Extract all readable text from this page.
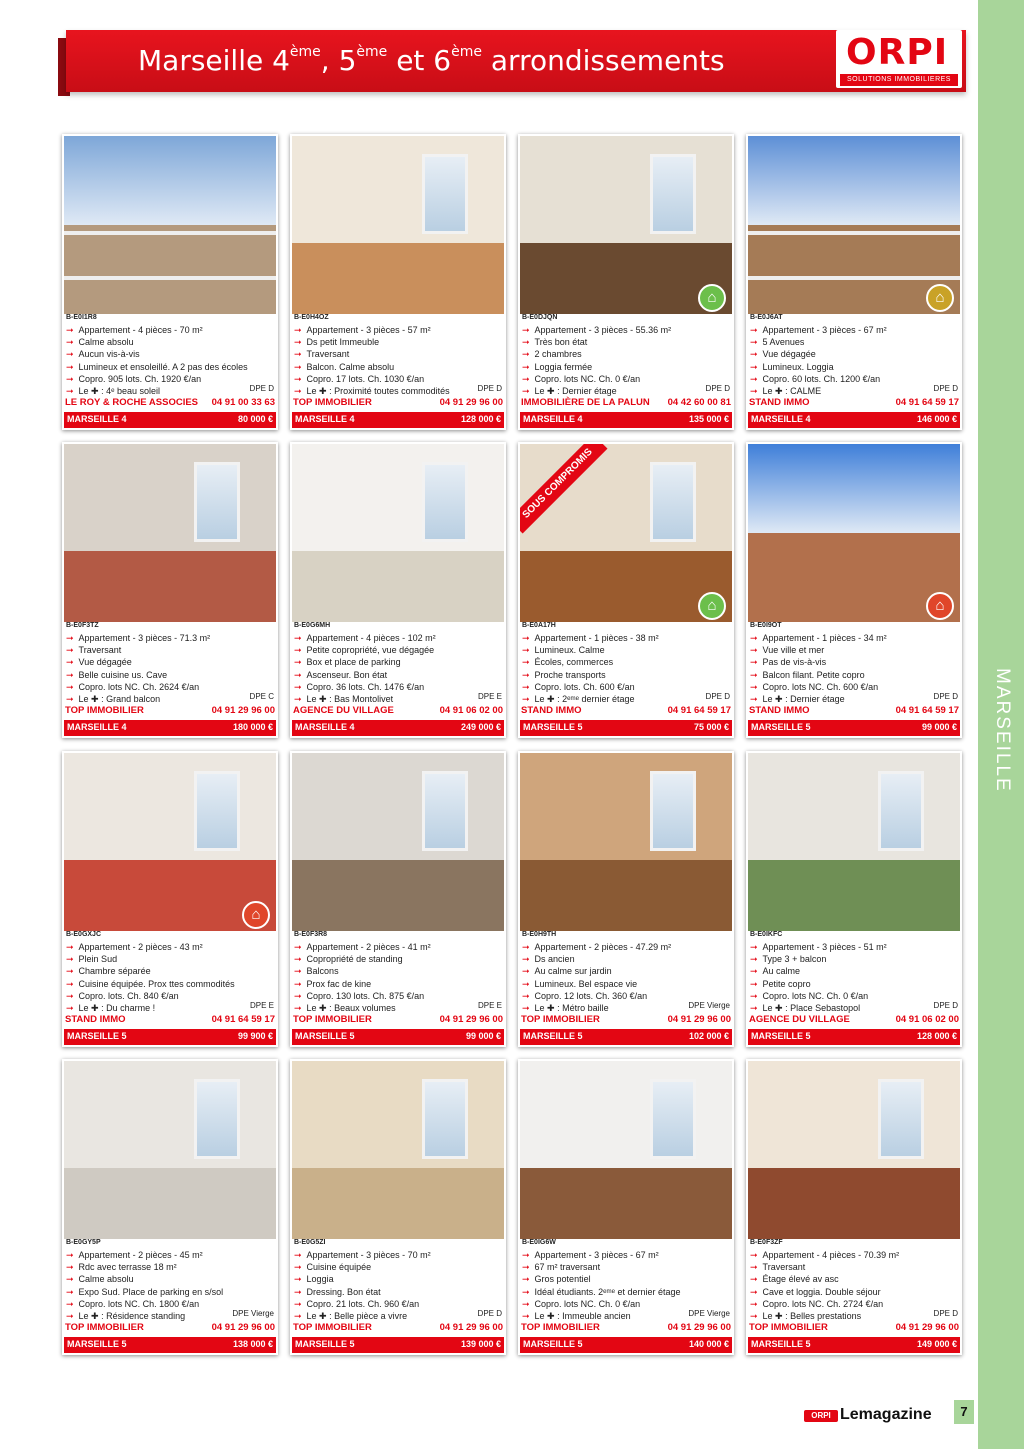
MARSEILLE
Marseille 4ème, 5ème et 6ème arrondissements	ORPI
SOLUTIONS IMMOBILIERES
B-E0I1R8
➞ Appartement - 4 pièces - 70 m²
➞ Calme absolu
➞ Aucun vis-à-vis
➞ Lumineux et ensoleillé. A 2 pas des écoles
➞ Copro. 905 lots. Ch. 1920 €/an
➞ Le ✚ : 4ᵉ beau soleil	DPE D
LE ROY & ROCHE ASSOCIES 04 91 00 33 63
MARSEILLE 4	80 000 €
B-E0H4OZ
➞ Appartement - 3 pièces - 57 m²
➞ Ds petit Immeuble
➞ Traversant
➞ Balcon. Calme absolu
➞ Copro. 17 lots. Ch. 1030 €/an
➞ Le ✚ : Proximité toutes commodités	DPE D
TOP IMMOBILIER	04 91 29 96 00
MARSEILLE 4	128 000 €
⌂
B-E0DJQN
➞ Appartement - 3 pièces - 55.36 m²
➞ Très bon état
➞ 2 chambres
➞ Loggia fermée
➞ Copro. lots NC. Ch. 0 €/an
➞ Le ✚ : Dernier étage	DPE D
IMMOBILIÈRE DE LA PALUN 04 42 60 00 81
MARSEILLE 4	135 000 €
⌂
B-E0J6AT
➞ Appartement - 3 pièces - 67 m²
➞ 5 Avenues
➞ Vue dégagée
➞ Lumineux. Loggia
➞ Copro. 60 lots. Ch. 1200 €/an
➞ Le ✚ : CALME	DPE D
STAND IMMO	04 91 64 59 17
MARSEILLE 4	146 000 €
B-E0F3TZ
➞ Appartement - 3 pièces - 71.3 m²
➞ Traversant
➞ Vue dégagée
➞ Belle cuisine us. Cave
➞ Copro. lots NC. Ch. 2624 €/an
➞ Le ✚ : Grand balcon	DPE C
TOP IMMOBILIER	04 91 29 96 00
MARSEILLE 4	180 000 €
B-E0G6MH
➞ Appartement - 4 pièces - 102 m²
➞ Petite copropriété, vue dégagée
➞ Box et place de parking
➞ Ascenseur. Bon état
➞ Copro. 36 lots. Ch. 1476 €/an
➞ Le ✚ : Bas Montolivet	DPE E
AGENCE DU VILLAGE	04 91 06 02 00
MARSEILLE 4	249 000 €
⌂
SOUS COMPROMIS
B-E0A17H
➞ Appartement - 1 pièces - 38 m²
➞ Lumineux. Calme
➞ Écoles, commerces
➞ Proche transports
➞ Copro. lots. Ch. 600 €/an
➞ Le ✚ : 2ᵉᵐᵉ dernier étage	DPE D
STAND IMMO	04 91 64 59 17
MARSEILLE 5	75 000 €
⌂
B-E0I9OT
➞ Appartement - 1 pièces - 34 m²
➞ Vue ville et mer
➞ Pas de vis-à-vis
➞ Balcon filant. Petite copro
➞ Copro. lots NC. Ch. 600 €/an
➞ Le ✚ : Dernier étage	DPE D
STAND IMMO	04 91 64 59 17
MARSEILLE 5	99 000 €
⌂
B-E0GXJC
➞ Appartement - 2 pièces - 43 m²
➞ Plein Sud
➞ Chambre séparée
➞ Cuisine équipée. Prox ttes commodités
➞ Copro. lots. Ch. 840 €/an
➞ Le ✚ : Du charme !	DPE E
STAND IMMO	04 91 64 59 17
MARSEILLE 5	99 900 €
B-E0F3R8
➞ Appartement - 2 pièces - 41 m²
➞ Copropriété de standing
➞ Balcons
➞ Prox fac de kine
➞ Copro. 130 lots. Ch. 875 €/an
➞ Le ✚ : Beaux volumes	DPE E
TOP IMMOBILIER	04 91 29 96 00
MARSEILLE 5	99 000 €
B-E0H9TH
➞ Appartement - 2 pièces - 47.29 m²
➞ Ds ancien
➞ Au calme sur jardin
➞ Lumineux. Bel espace vie
➞ Copro. 12 lots. Ch. 360 €/an
➞ Le ✚ : Métro baille	DPE Vierge
TOP IMMOBILIER	04 91 29 96 00
MARSEILLE 5	102 000 €
B-E0IKFC
➞ Appartement - 3 pièces - 51 m²
➞ Type 3 + balcon
➞ Au calme
➞ Petite copro
➞ Copro. lots NC. Ch. 0 €/an
➞ Le ✚ : Place Sebastopol	DPE D
AGENCE DU VILLAGE	04 91 06 02 00
MARSEILLE 5	128 000 €
B-E0GY5P
➞ Appartement - 2 pièces - 45 m²
➞ Rdc avec terrasse 18 m²
➞ Calme absolu
➞ Expo Sud. Place de parking en s/sol
➞ Copro. lots NC. Ch. 1800 €/an
➞ Le ✚ : Résidence standing	DPE Vierge
TOP IMMOBILIER	04 91 29 96 00
MARSEILLE 5	138 000 €
B-E0G5ZI
➞ Appartement - 3 pièces - 70 m²
➞ Cuisine équipée
➞ Loggia
➞ Dressing. Bon état
➞ Copro. 21 lots. Ch. 960 €/an
➞ Le ✚ : Belle pièce a vivre	DPE D
TOP IMMOBILIER	04 91 29 96 00
MARSEILLE 5	139 000 €
B-E0IG6W
➞ Appartement - 3 pièces - 67 m²
➞ 67 m² traversant
➞ Gros potentiel
➞ Idéal étudiants. 2ᵉᵐᵉ et dernier étage
➞ Copro. lots NC. Ch. 0 €/an
➞ Le ✚ : Immeuble ancien	DPE Vierge
TOP IMMOBILIER	04 91 29 96 00
MARSEILLE 5	140 000 €
B-E0F3ZF
➞ Appartement - 4 pièces - 70.39 m²
➞ Traversant
➞ Étage élevé av asc
➞ Cave et loggia. Double séjour
➞ Copro. lots NC. Ch. 2724 €/an
➞ Le ✚ : Belles prestations	DPE D
TOP IMMOBILIER	04 91 29 96 00
MARSEILLE 5	149 000 €
ORPI Lemagazine	7
